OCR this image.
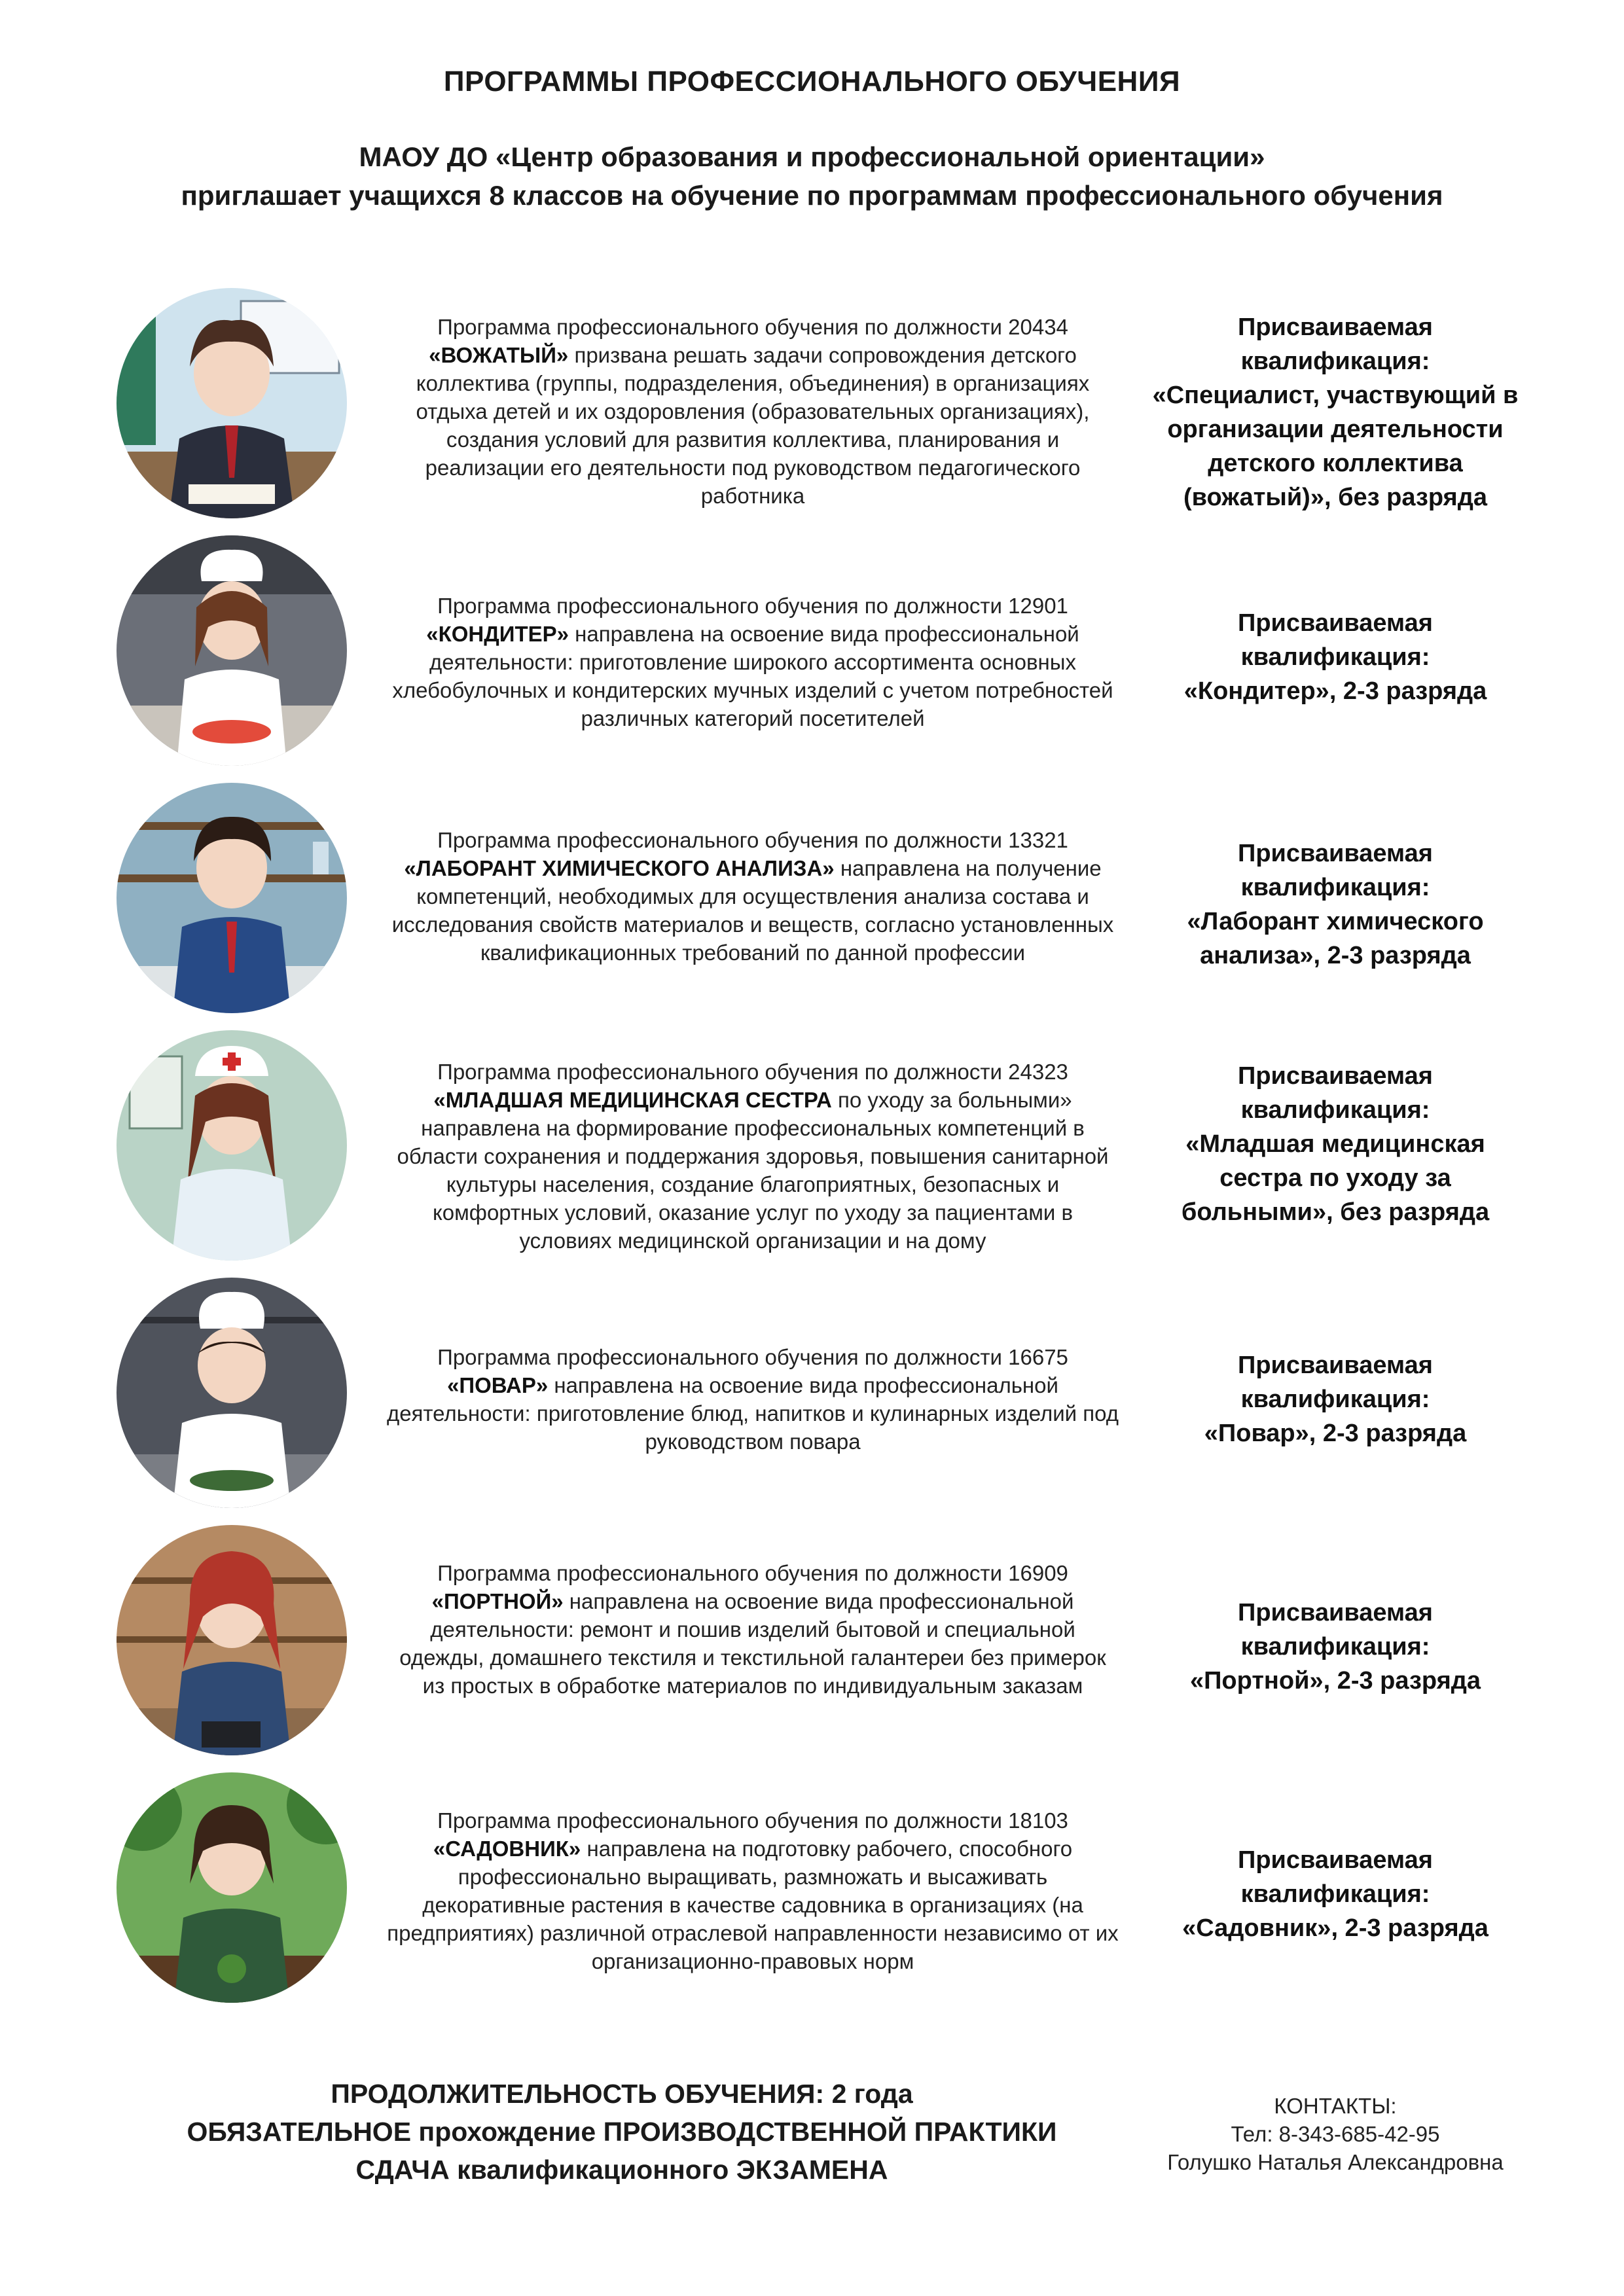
ПРОГРАММЫ ПРОФЕССИОНАЛЬНОГО ОБУЧЕНИЯ
МАОУ ДО «Центр образования и профессиональной ориентации»
приглашает учащихся 8 классов на обучение по программам профессионального обучения
Программа профессионального обучения по должности 20434
«ВОЖАТЫЙ» призвана решать задачи сопровождения детского коллектива (группы, подразделения, объединения) в организациях отдыха детей и их оздоровления (образовательных организациях), создания условий для развития коллектива, планирования и реализации его деятельности под руководством педагогического работника
Присваиваемая квалификация:
«Специалист, участвующий в организации деятельности детского коллектива (вожатый)», без разряда
Программа профессионального обучения по должности 12901
«КОНДИТЕР» направлена на освоение вида профессиональной деятельности: приготовление широкого ассортимента основных хлебобулочных и кондитерских мучных изделий с учетом потребностей различных категорий посетителей
Присваиваемая квалификация:
«Кондитер», 2-3 разряда
Программа профессионального обучения по должности 13321
«ЛАБОРАНТ ХИМИЧЕСКОГО АНАЛИЗА» направлена на получение компетенций, необходимых для осуществления анализа состава и исследования свойств материалов и веществ, согласно установленных квалификационных требований по данной профессии
Присваиваемая квалификация:
«Лаборант химического анализа», 2-3 разряда
Программа профессионального обучения по должности 24323
«МЛАДШАЯ МЕДИЦИНСКАЯ СЕСТРА по уходу за больными» направлена на формирование профессиональных компетенций в области сохранения и поддержания здоровья, повышения санитарной культуры населения, создание благоприятных, безопасных и комфортных условий, оказание услуг по уходу за пациентами в условиях медицинской организации и на дому
Присваиваемая квалификация:
«Младшая медицинская сестра по уходу за больными», без разряда
Программа профессионального обучения по должности 16675
«ПОВАР» направлена на освоение вида профессиональной деятельности: приготовление блюд, напитков и кулинарных изделий под руководством повара
Присваиваемая квалификация:
«Повар», 2-3 разряда
Программа профессионального обучения по должности 16909
«ПОРТНОЙ» направлена на освоение вида профессиональной деятельности: ремонт и пошив изделий бытовой и специальной одежды, домашнего текстиля и текстильной галантереи без примерок из простых в обработке материалов по индивидуальным заказам
Присваиваемая квалификация:
«Портной», 2-3 разряда
Программа профессионального обучения по должности 18103
«САДОВНИК» направлена на подготовку рабочего, способного профессионально выращивать, размножать и высаживать декоративные растения в качестве садовника в организациях (на предприятиях) различной отраслевой направленности независимо от их организационно-правовых норм
Присваиваемая квалификация:
«Садовник», 2-3 разряда
ПРОДОЛЖИТЕЛЬНОСТЬ ОБУЧЕНИЯ: 2 года
ОБЯЗАТЕЛЬНОЕ прохождение ПРОИЗВОДСТВЕННОЙ ПРАКТИКИ
СДАЧА квалификационного ЭКЗАМЕНА
КОНТАКТЫ:
Тел: 8-343-685-42-95
Голушко Наталья Александровна
